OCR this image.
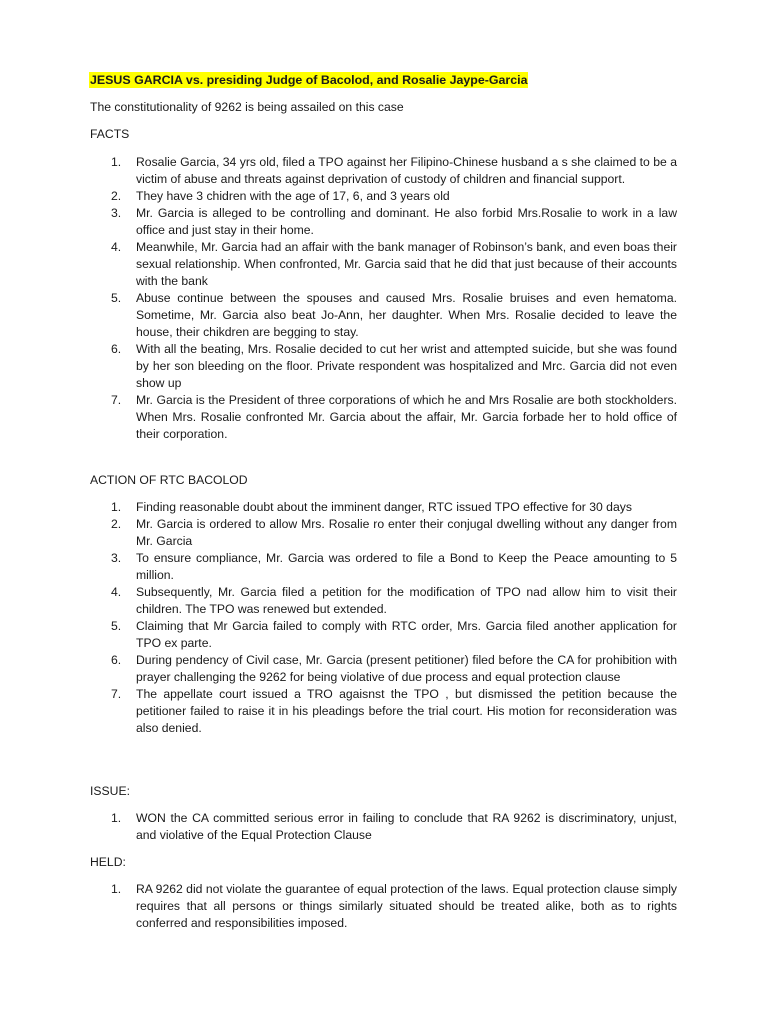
JESUS GARCIA vs. presiding Judge of Bacolod, and Rosalie Jaype-Garcia

The constitutionality of 9262 is being assailed on this case

FACTS

1. Rosalie Garcia, 34 yrs old, filed a TPO against her Filipino-Chinese husband a s she claimed to be a victim of abuse and threats against deprivation of custody of children and financial support.
2. They have 3 chidren with the age of 17, 6, and 3 years old
3. Mr. Garcia is alleged to be controlling and dominant. He also forbid Mrs.Rosalie to work in a law office and just stay in their home.
4. Meanwhile, Mr. Garcia had an affair with the bank manager of Robinson’s bank, and even boas their sexual relationship. When confronted, Mr. Garcia said that he did that just because of their accounts with the bank
5. Abuse continue between the spouses and caused Mrs. Rosalie bruises and even hematoma. Sometime, Mr. Garcia also beat Jo-Ann, her daughter. When Mrs. Rosalie decided to leave the house, their chikdren are begging to stay.
6. With all the beating, Mrs. Rosalie decided to cut her wrist and attempted suicide, but she was found by her son bleeding on the floor. Private respondent was hospitalized and Mrc. Garcia did not even show up
7. Mr. Garcia is the President of three corporations of which he and Mrs Rosalie are both stockholders. When Mrs. Rosalie confronted Mr. Garcia about the affair, Mr. Garcia forbade her to hold office of their corporation.

ACTION OF RTC BACOLOD

1. Finding reasonable doubt about the imminent danger, RTC issued TPO effective for 30 days
2. Mr. Garcia is ordered to allow Mrs. Rosalie ro enter their conjugal dwelling without any danger from Mr. Garcia
3. To ensure compliance, Mr. Garcia was ordered to file a Bond to Keep the Peace amounting to 5 million.
4. Subsequently, Mr. Garcia filed a petition for the modification of TPO nad allow him to visit their children. The TPO was renewed but extended.
5. Claiming that Mr Garcia failed to comply with RTC order, Mrs. Garcia filed another application for TPO ex parte.
6. During pendency of Civil case, Mr. Garcia (present petitioner) filed before the CA for prohibition with prayer challenging the 9262 for being violative of due process and equal protection clause
7. The appellate court issued a TRO agaisnst the TPO , but dismissed the petition because the petitioner failed to raise it in his pleadings before the trial court. His motion for reconsideration was also denied.

ISSUE:

1. WON the CA committed serious error in failing to conclude that RA 9262 is discriminatory, unjust, and violative of the Equal Protection Clause

HELD:

1. RA 9262 did not violate the guarantee of equal protection of the laws. Equal protection clause simply requires that all persons or things similarly situated should be treated alike, both as to rights conferred and responsibilities imposed.
